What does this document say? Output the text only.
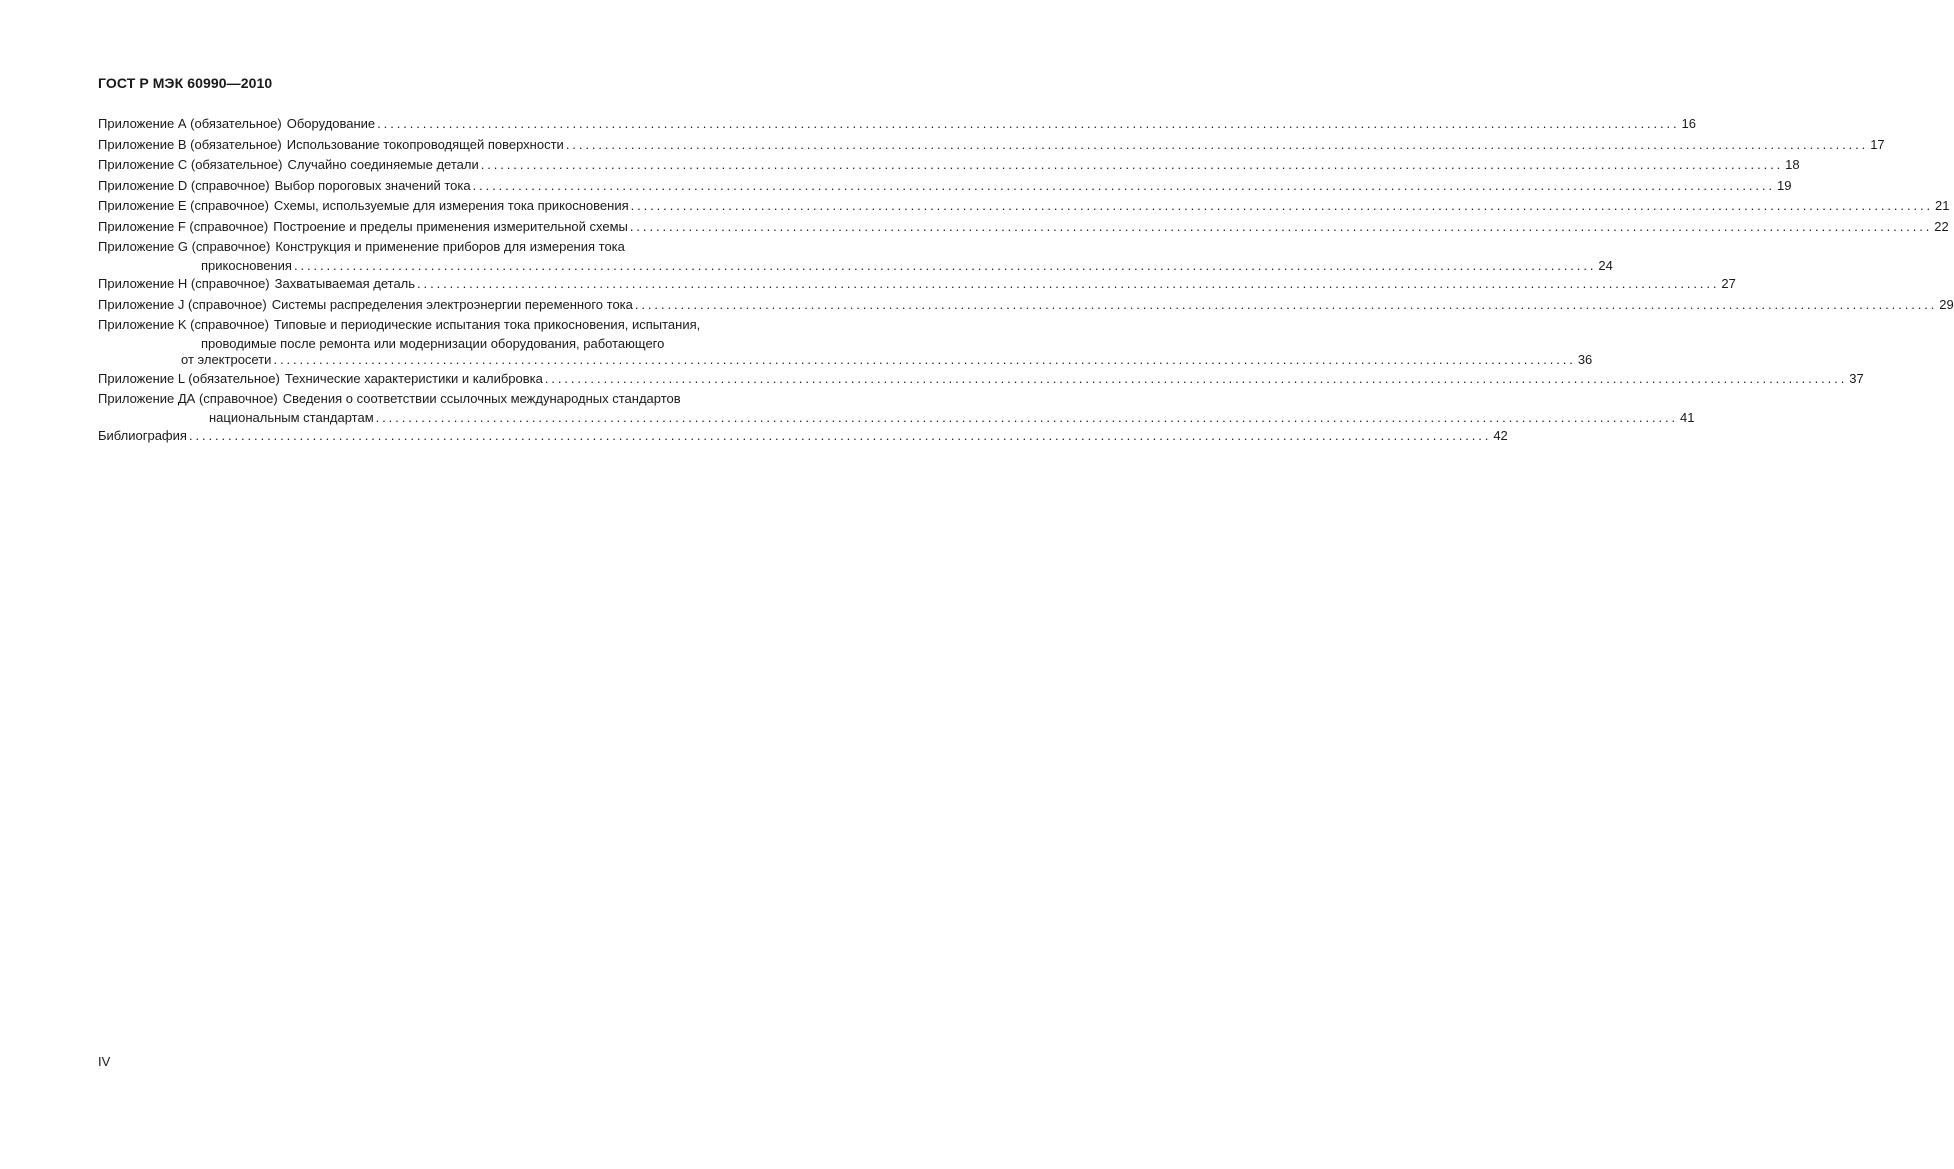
ГОСТ Р МЭК 60990—2010
Приложение А (обязательное) Оборудование ........................................................................................................................................................................................................ 16
Приложение В (обязательное) Использование токопроводящей поверхности ........................................................................................................................................................................................................ 17
Приложение С (обязательное) Случайно соединяемые детали ........................................................................................................................................................................................................ 18
Приложение D (справочное) Выбор пороговых значений тока ........................................................................................................................................................................................................ 19
Приложение Е (справочное) Схемы, используемые для измерения тока прикосновения ........................................................................................................................................................................................................ 21
Приложение F (справочное) Построение и пределы применения измерительной схемы ........................................................................................................................................................................................................ 22
Приложение G (справочное) Конструкция и применение приборов для измерения тока
прикосновения ........................................................................................................................................................................................................ 24
Приложение Н (справочное) Захватываемая деталь ........................................................................................................................................................................................................ 27
Приложение J (справочное) Системы распределения электроэнергии переменного тока ........................................................................................................................................................................................................ 29
Приложение K (справочное) Типовые и периодические испытания тока прикосновения, испытания,
проводимые после ремонта или модернизации оборудования, работающего
от электросети ........................................................................................................................................................................................................ 36
Приложение L (обязательное) Технические характеристики и калибровка ........................................................................................................................................................................................................ 37
Приложение ДА (справочное) Сведения о соответствии ссылочных международных стандартов
национальным стандартам ........................................................................................................................................................................................................ 41
Библиография ........................................................................................................................................................................................................ 42
IV
